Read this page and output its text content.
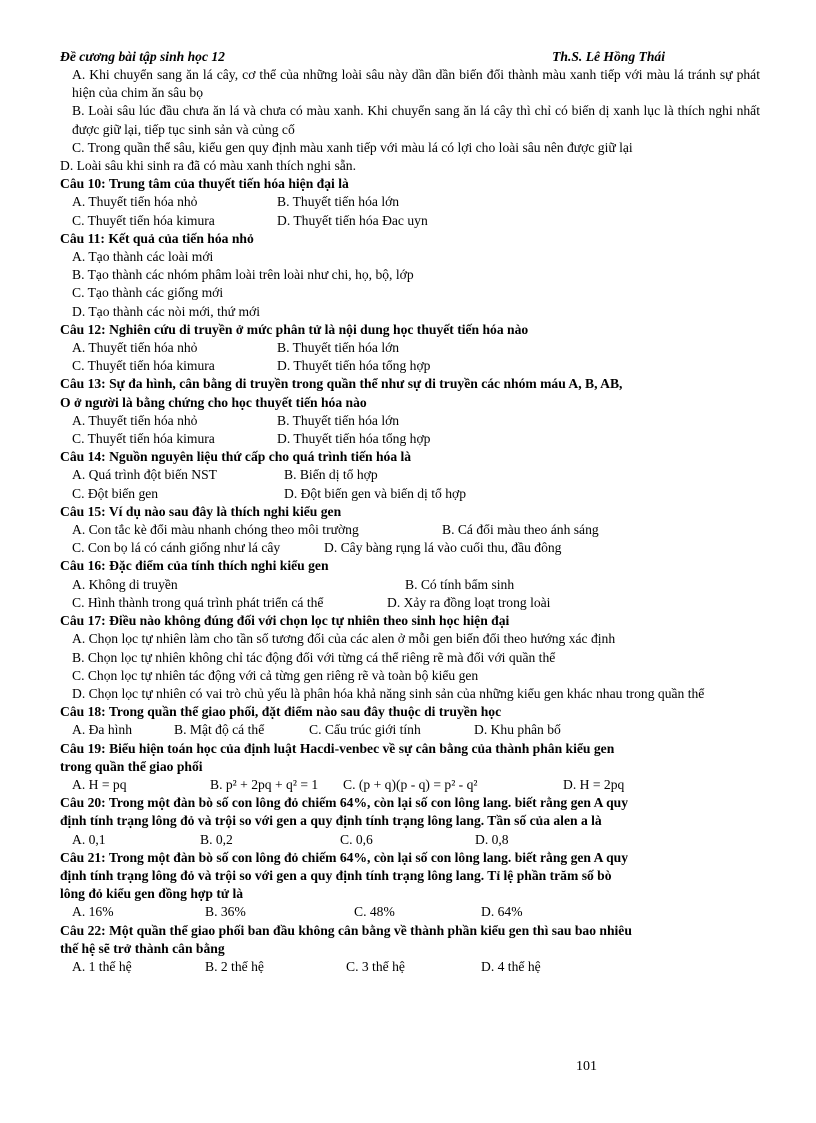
Đề cương bài tập sinh học 12	Th.S. Lê Hồng Thái
A. Khi chuyển sang ăn lá cây, cơ thể của những loài sâu này dần dần biến đổi thành màu xanh tiếp với màu lá tránh sự phát hiện của chim ăn sâu bọ
B. Loài sâu lúc đầu chưa ăn lá và chưa có màu xanh. Khi chuyển sang ăn lá cây thì chỉ có biến dị xanh lục là thích nghi nhất được giữ lại, tiếp tục sinh sản và củng cố
C. Trong quần thể sâu, kiểu gen quy định màu xanh tiếp với màu lá có lợi cho loài sâu nên được giữ lại
D. Loài sâu khi sinh ra đã có màu xanh thích nghi sẵn.
Câu 10: Trung tâm của thuyết tiến hóa hiện đại là
A. Thuyết tiến hóa nhỏ	B. Thuyết tiến hóa lớn
C. Thuyết tiến hóa kimura	D. Thuyết tiến hóa Đac uyn
Câu 11: Kết quả của tiến hóa nhỏ
A. Tạo thành các loài mới
B. Tạo thành các nhóm phâm loài trên loài như chi, họ, bộ, lớp
C. Tạo thành các giống mới
D. Tạo thành các nòi mới, thứ mới
Câu 12: Nghiên cứu di truyền ở mức phân tử là nội dung học thuyết tiến hóa nào
A. Thuyết tiến hóa nhỏ	B. Thuyết tiến hóa lớn
C. Thuyết tiến hóa kimura	D. Thuyết tiến hóa tổng hợp
Câu 13: Sự đa hình, cân bằng di truyền trong quần thể như sự di truyền các nhóm máu A, B, AB,
O ở người là bằng chứng cho học thuyết tiến hóa nào
A. Thuyết tiến hóa nhỏ	B. Thuyết tiến hóa lớn
C. Thuyết tiến hóa kimura	D. Thuyết tiến hóa tổng hợp
Câu 14: Nguồn nguyên liệu thứ cấp cho quá trình tiến hóa là
A. Quá trình đột biến NST	B. Biến dị tổ hợp
C. Đột biến gen	D. Đột biến gen và biến dị tổ hợp
Câu 15: Ví dụ nào sau đây là thích nghi kiểu gen
A. Con tắc kè đổi màu nhanh chóng theo môi trường	B. Cá đổi màu theo ánh sáng
C. Con bọ lá có cánh giống như lá cây	D. Cây bàng rụng lá vào cuối thu, đầu đông
Câu 16: Đặc điểm của tính thích nghi kiểu gen
A. Không di truyền	B. Có tính bẩm sinh
C. Hình thành trong quá trình phát triển cá thể	D. Xảy ra đồng loạt trong loài
Câu 17: Điều nào không đúng đối với chọn lọc tự nhiên theo sinh học hiện đại
A. Chọn lọc tự nhiên làm cho tần số tương đối của các alen ở mỗi gen biến đổi theo hướng xác định
B. Chọn lọc tự nhiên không chỉ tác động đối với từng cá thể riêng rẽ mà đối với quần thể
C. Chọn lọc tự nhiên tác động với cả từng gen riêng rẽ và toàn bộ kiểu gen
D. Chọn lọc tự nhiên có vai trò chủ yếu là phân hóa khả năng sinh sản của những kiểu gen khác nhau trong quần thể
Câu 18: Trong quần thể giao phối, đặt điểm nào sau đây thuộc di truyền học
A. Đa hình	B. Mật độ cá thể	C. Cấu trúc giới tính	D. Khu phân bố
Câu 19: Biểu hiện toán học của định luật Hacdi-venbec về sự cân bằng của thành phân kiểu gen
trong quần thể giao phối
A. H = pq	B. p² + 2pq + q² = 1	C. (p + q)(p - q) = p² - q²	D. H = 2pq
Câu 20: Trong một đàn bò số con lông đỏ chiếm 64%, còn lại số con lông lang. biết rằng gen A quy
định tính trạng lông đỏ và trội so với gen a quy định tính trạng lông lang. Tần số của alen a là
A. 0,1	B. 0,2	C. 0,6	D. 0,8
Câu 21: Trong một đàn bò số con lông đỏ chiếm 64%, còn lại số con lông lang. biết rằng gen A quy
định tính trạng lông đỏ và trội so với gen a quy định tính trạng lông lang. Tỉ lệ phần trăm số bò
lông đỏ kiểu gen đồng hợp tử là
A. 16%	B. 36%	C. 48%	D. 64%
Câu 22: Một quần thể giao phối ban đầu không cân bằng về thành phần kiểu gen thì sau bao nhiêu
thế hệ sẽ trở thành cân bằng
A. 1 thế hệ	B. 2 thế hệ	C. 3 thế hệ	D. 4 thế hệ
101
